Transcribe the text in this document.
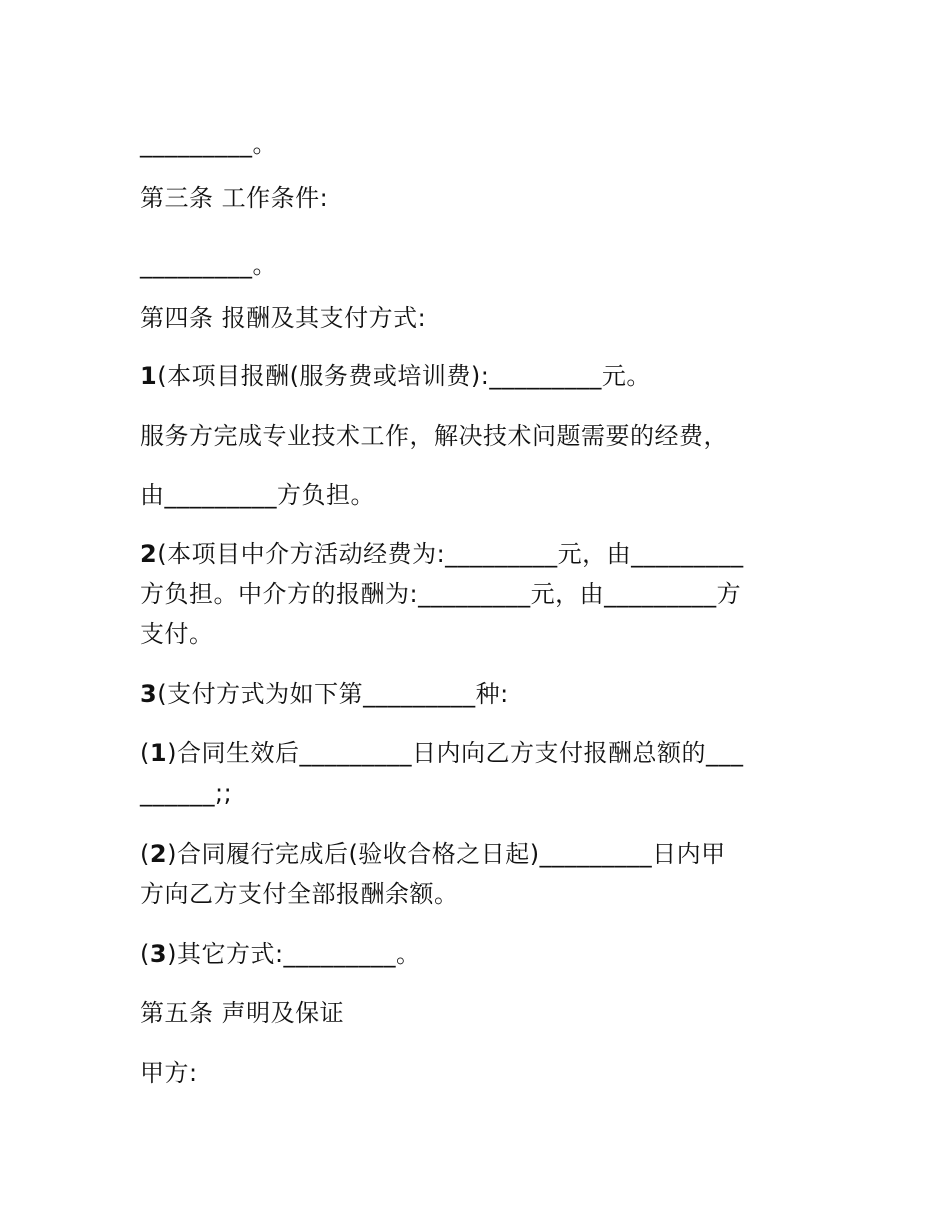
_________。
第三条 工作条件:
_________。
第四条 报酬及其支付方式:
1(本项目报酬(服务费或培训费):_________元。
服务方完成专业技术工作，解决技术问题需要的经费，
由_________方负担。
2(本项目中介方活动经费为:_________元，由_________
方负担。中介方的报酬为:_________元，由_________方
支付。
3(支付方式为如下第_________种:
(1)合同生效后_________日内向乙方支付报酬总额的___
______;;
(2)合同履行完成后(验收合格之日起)_________日内甲
方向乙方支付全部报酬余额。
(3)其它方式:_________。
第五条 声明及保证
甲方:
